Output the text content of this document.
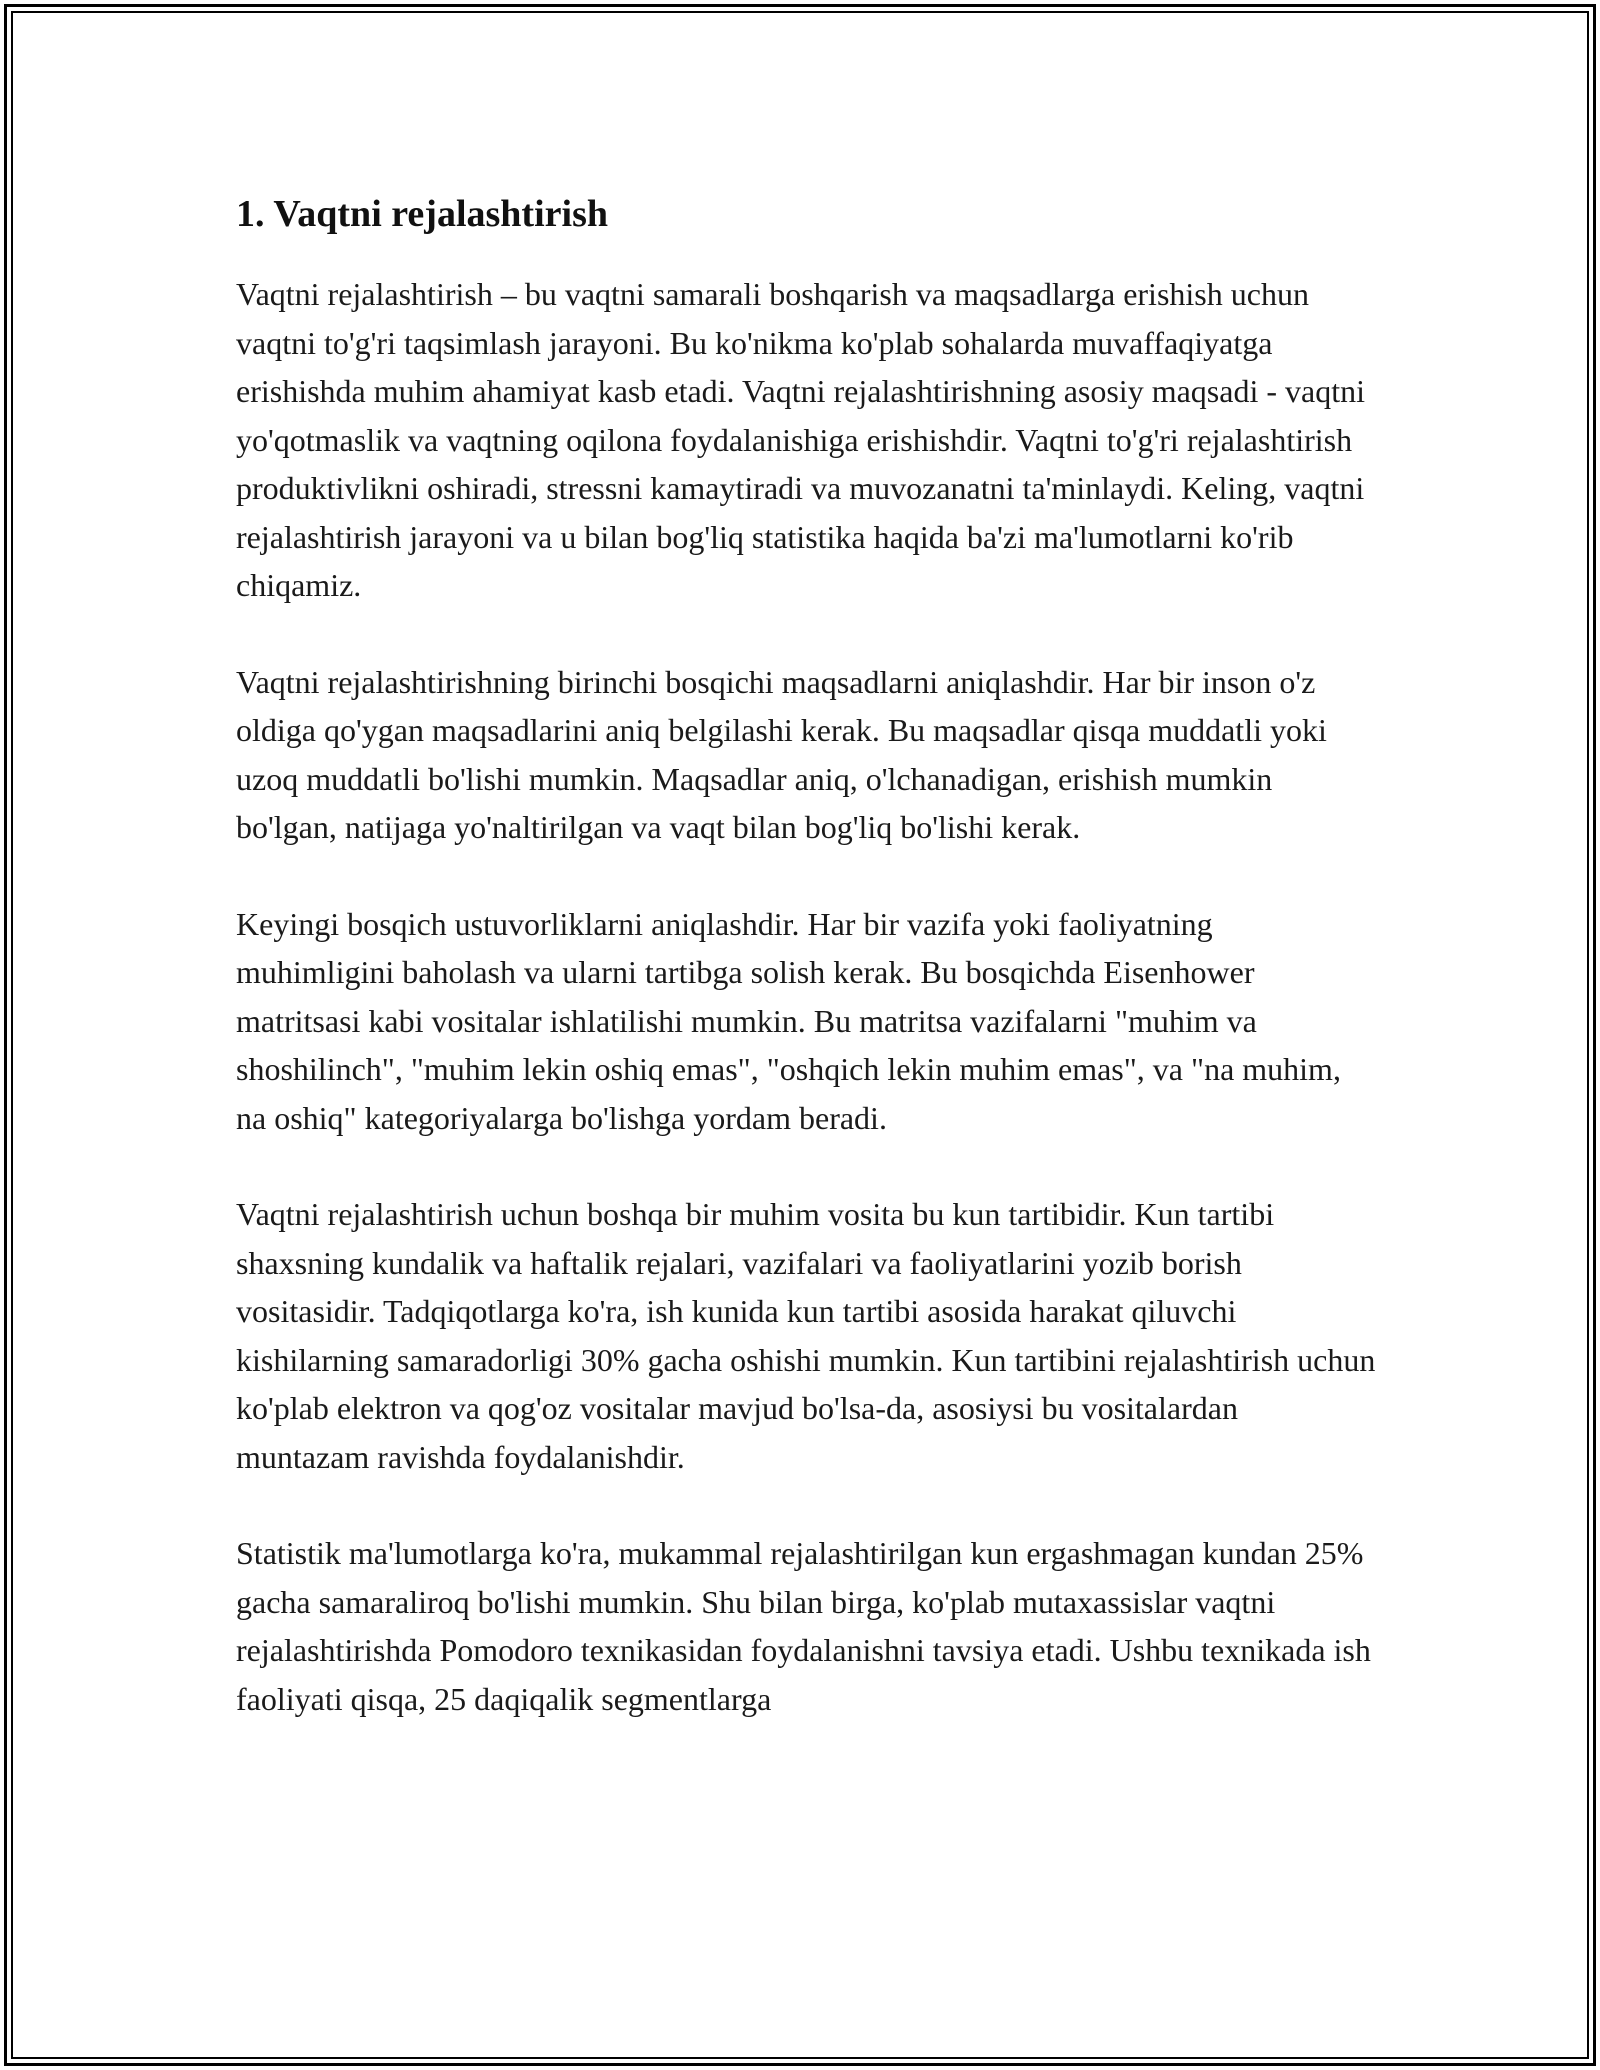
1. Vaqtni rejalashtirish

Vaqtni rejalashtirish – bu vaqtni samarali boshqarish va maqsadlarga erishish uchun vaqtni to'g'ri taqsimlash jarayoni. Bu ko'nikma ko'plab sohalarda muvaffaqiyatga erishishda muhim ahamiyat kasb etadi. Vaqtni rejalashtirishning asosiy maqsadi - vaqtni yo'qotmaslik va vaqtning oqilona foydalanishiga erishishdir. Vaqtni to'g'ri rejalashtirish produktivlikni oshiradi, stressni kamaytiradi va muvozanatni ta'minlaydi. Keling, vaqtni rejalashtirish jarayoni va u bilan bog'liq statistika haqida ba'zi ma'lumotlarni ko'rib chiqamiz.

Vaqtni rejalashtirishning birinchi bosqichi maqsadlarni aniqlashdir. Har bir inson o'z oldiga qo'ygan maqsadlarini aniq belgilashi kerak. Bu maqsadlar qisqa muddatli yoki uzoq muddatli bo'lishi mumkin. Maqsadlar aniq, o'lchanadigan, erishish mumkin bo'lgan, natijaga yo'naltirilgan va vaqt bilan bog'liq bo'lishi kerak.

Keyingi bosqich ustuvorliklarni aniqlashdir. Har bir vazifa yoki faoliyatning muhimligini baholash va ularni tartibga solish kerak. Bu bosqichda Eisenhower matritsasi kabi vositalar ishlatilishi mumkin. Bu matritsa vazifalarni "muhim va shoshilinch", "muhim lekin oshiq emas", "oshqich lekin muhim emas", va "na muhim, na oshiq" kategoriyalarga bo'lishga yordam beradi.

Vaqtni rejalashtirish uchun boshqa bir muhim vosita bu kun tartibidir. Kun tartibi shaxsning kundalik va haftalik rejalari, vazifalari va faoliyatlarini yozib borish vositasidir. Tadqiqotlarga ko'ra, ish kunida kun tartibi asosida harakat qiluvchi kishilarning samaradorligi 30% gacha oshishi mumkin. Kun tartibini rejalashtirish uchun ko'plab elektron va qog'oz vositalar mavjud bo'lsa-da, asosiysi bu vositalardan muntazam ravishda foydalanishdir.

Statistik ma'lumotlarga ko'ra, mukammal rejalashtirilgan kun ergashmagan kundan 25% gacha samaraliroq bo'lishi mumkin. Shu bilan birga, ko'plab mutaxassislar vaqtni rejalashtirishda Pomodoro texnikasidan foydalanishni tavsiya etadi. Ushbu texnikada ish faoliyati qisqa, 25 daqiqalik segmentlarga
